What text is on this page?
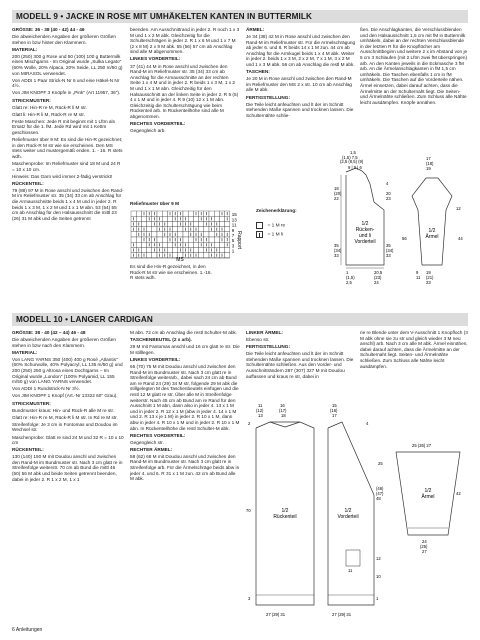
MODELL 9 • JACKE IN ROSE MIT UMHÄKELTEN KANTEN IN BUTTERMILK

GRÖSSE: 36 - 38 (40 - 42) 44 - 46

Die abweichenden Angaben der größeren Größen stehen in bzw hinter den Klammern.

MATERIAL:

200 (250) 300 g Rose und 50 (100) 100 g Buttermilk eines Mischgarns - Im Original wurde „Sulka Legato" (60% Wolle, 20% Alpaca, 20% Seide, LL 250 m/50 g) von MIRASOL verwendet.

Von ADDI 1 Paar Strick-N Nr 6 und eine Häkel-N Nr 4½.

Von JIM KNOPF 3 Knöpfe in „Pink" (Art 11957, 36").

STRICKMUSTER:

Glatt re: Hin-R re M, Rück-R li M str.

Glatt li: Hin-R li M, Rück-R re M str.

Feste Maschen: Jede R mit beginnt mit 1 Lftm als Ersatz für die 1. fM. Jede Rd wird mit 1 Kettm geschlossen.

Reliefmuster über 9 M: Es sind die Hin-R gezeichnet; in den Rück-R M str wie sie erscheinen. Den MS stets weiter und mustergemäß enden. 1. - 16. R stets wdh.

Maschenprobe: Im Reliefmuster sind 18 M und 24 R = 10 x 10 cm.

Hinweis: Das Garn wird immer 2-fädig verstrickt!

RÜCKENTEIL:

79 (88) 97 M in Rose anschl und zwischen den Rand-M im Reliefmuster str. 35 (34) 33 cm ab Anschlag für die Armausschnitte beids 1 x 4 M und in jeder 2. R beids 1 x 3 M, 1 x 2 M und 1 x 1 M abn. 53 (54) 55 cm ab Anschlag für den Halsausschnitt die mittl 23 (26) 31 M abk und die Seiten getrennt

beenden. Am Ausschnittrand in jeder 2. R noch 1 x 3 M und 1 x 2 M abk. Gleichzeitig für die Schulterschrägen in jeder 2. R 1 x 6 M und 1 x 7 M (2 x 8 M) 2 x 9 M abk. 55 (56) 57 cm ab Anschlag sind alle M abgenommen.

LINKES VORDERTEIL:

37 (41) 44 M in Rose anschl und zwischen den Rand-M im Reliefmuster str. 35 (34) 33 cm ab Anschlag für die Armausschnitte an der rechten Seite 1 x 4 M und in jeder 2. R beids 1 x 3 M, 1 x 2 M und 1 x 1 M abn. Gleichzeitig für den Halsausschnitt an der linken Seite in jeder 2. R 5 (5) 4 x 1 M und in jeder 4. R 9 (10) 12 x 1 M abn. Gleichzeitig die Schulterschrägung wie beim Rückenteil arb. In Rückenteilhöhe sind alle M abgenommen.

RECHTES VORDERTEIL:

Gegengleich arb.

ÄRMEL:

Je 34 (38) 42 M in Rose anschl und zwischen den Rand-M im Reliefmuster str. Für die Armelschrägung ab jeder 6. und 8. R beids 14 x 1 M zun. 44 cm ab Anschlag für die Armkugel beids 1 x 4 M abk. Weiter in jeder 2. beids 1 x 3 M, 2 x 2 M, 7 x 1 M, 3 x 2 M und 1 x 3 M abk. 56 cm ab Anschlag die restl M abk.

TASCHEN:

Je 20 M in Rose anschl und zwischen den Rand-M im Reliefmuster den MS 2 x str. 10 cm ab Anschlag alle M abk.

FERTIGSTELLUNG:

Die Teile leicht anfeuchten und lt der im Schnitt stehenden Maße spannen und trocknen lassen. Die Schulternähte schlie-

ßen. Die Anschlagkanten, die Verschlussblenden und den Halsausschnitt 1,5 cm mit fM in Buttermilk umhäkeln, dabei an der rechten Verschlussblende in der letzten R für die Knopflöcher am Ausschnittbeginn und weitere 2 x im Abstand von je 5 cm 3 Schlaufen (mit 2 Lftm zwei fM überspringen) arb. An den Kanten jeweils in die Eckmasche 3 fM arb. An die Ärmelanschlagkanten in fM 1,5 cm umhäkeln. Die Taschen ebenfalls 1 cm in fM umhäkeln. Die Taschen auf die Vorderteile nähen. Ärmel einsetzen, dabei darauf achten, dass die Ärmelmitte an der Schulternaht liegt. Die Seiten- und Ärmelnähte schließen. Zum Schluss alle Nähte leicht ausdämpfen. Knöpfe annähen.

Reliefmuster über 9 M
15
13
11
9
7
5
3
1
Rapport
MS
Es sind die Hin-R gezeichnet, in den Rück-R M str wie sie erscheinen. 1.-16. R stets wdh.
Zeichenerklärung:
= 1 M re
= 1 M li
1/2
Rücken-
und li
Vorderteil
1,5
(1,5) 7,5
(2,5 (8,5) (9)
9 | 9 | 6
18
(20)
22
35
(34)
33
4
20
23
35
(34)
33
20,5
(23)
24
1
(1,5)
2,5
1/2
Ärmel
17
(18)
19
12
44
56
19
(21)
23
9
11
MODELL 10 • LANGER CARDIGAN

GRÖSSE: 38 - 40 (42 – 44) 46 - 48

Die abweichenden Angaben der größeren Größen stehen in bzw nach den Klammern.

MATERIAL:

Von LANG YARNS 350 (400) 400 g Rosé „Atlantis" (60% Schurwolle, 40% Polyacryl, LL 135 m/50 g) und 200 (250) 250 g Altrosa eines Dochtgarns – Im Original wurde „London" (100% Polyamid, LL 155 m/50 g) von LANG YARNS verwendet.

Von ADDI 1 Rundstrick-N Nr 3½.

Von JIM KNOPF 1 Knopf (Art.-Nr 13322 60" Grau).

STRICKMUSTER:

Bundmuster kraus: Hin- und Rück-R alle M re str.

Glatt re: Hin-R re M, Rück-R li M str. In Rd re M str.

Streifenfolge: Je 3 cm in Fontomas und Doudou im Wechsel str.

Maschenprobe: Glatt re sind 24 M und 32 R = 10 x 10 cm

RÜCKENTEIL:

130 (140) 150 M mit Doudou anschl und zwischen den Rand-M im Bundmuster str. Nach 3 cm glatt re in Streifenfolge weiterstr. 70 cm ab Bund die mittl 46 (50) 56 M abk und beide Seiten getrennt beenden, dabei in jeder 2. R 1 x 2 M, 1 x 1

M abn. 72 cm ab Anschlag die restl Schulter-M abk.

TASCHENBEUTEL (2 x arb).

29 M mit Fantomas anschl und 16 cm glatt re str. Die M stilllegen.

LINKES VORDERTEIL:

65 (70) 75 M mit Doudou anschl und zwischen den Rand-M im Bundmuster str. Nach 3 cm glatt re in Streifenfolge weiterarb., dabei nach 24 cm ab Bund am re Rand 24 (29) 34 M str, folgende 29 M abk die stillgelegten M des Taschenbeutels einfügen und die restl 12 M glatt re str. Über alle M in Streifenfolge weiterstr. Nach 45 cm ab Bund am re Rand für den Ausschnitt 1 M abn, dann also in jeder 4. 13 x 1 M und in jeder 2. R 12 x 1 M (abw in jeder 4. 14 x 1 M und 2. R 13 x je 1 M) in jeder 2. R 10 x 1 M, dann abw in jeder 4. R 10 x 1 M und in jeder 2. R 10 x 1 M abn. In Rückenteilhöhe die restl Schulter-M abk.

RECHTES VORDERTEIL:

Gegengleich str.

RECHTER ÄRMEL:

58 (62) 68 M mit Doudou anschl und zwischen den Rand-M im Bundmuster str. Nach 3 cm glatt re in Streifenfolge arb. Für die Ärmelschräge beids abw in jeder 4. und 6. R 31 x 1 M zun. 42 cm ab Bund alle M abk.

LINKER ÄRMEL:

Ebenso str.

FERTIGSTELLUNG:

Die Teile leicht anfeuchten und lt der im Schnitt stehenden Maße spannen und trocknen lassen. Die Schulternähte schließen. Aus den Vorder- und Ausschnitträndern 287 (307) 327 M mit Doudou auffassen und kraus re str, dabei in

rie re Blende unter dem V-Ausschnitt 1 Knopfloch (3 M abk ohne sie zu str und gleich wieder 3 M neu anschl) arb. Nach 3 cm alle M abk. Ärmel einnähen, dabei darauf achten, dass die Ärmelmitte an der Schulternaht liegt. Seiten- und Ärmelnähte schließen. Zum Schluss alle Nähte leicht ausdämpfen.

1/2
Rückenteil
11
(12)
13
16
(17)
18
2
70
3
27 (29) 31
1/2
Vorderteil
15
(16)
17
4
25
(46)
(47)
48
12
10
1
27 (29) 31
11
1/2
Ärmel
25 (26) 27
42
24
(25)
27
6 Anleitungen
